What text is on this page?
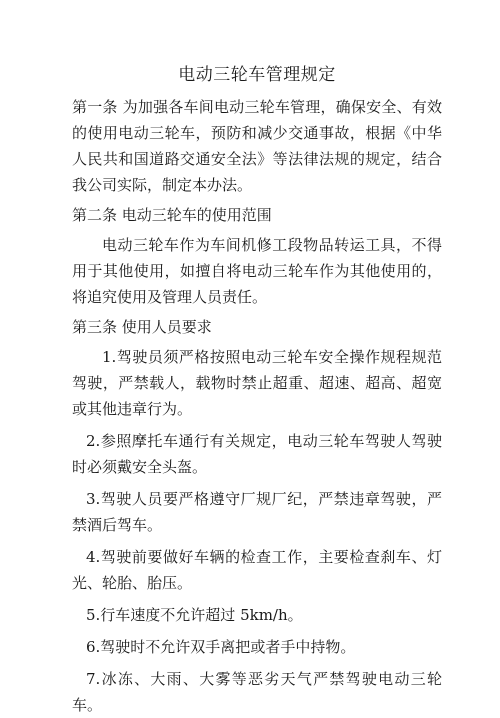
电动三轮车管理规定
第一条 为加强各车间电动三轮车管理，确保安全、有效的使用电动三轮车，预防和减少交通事故，根据《中华人民共和国道路交通安全法》等法律法规的规定，结合我公司实际，制定本办法。
第二条 电动三轮车的使用范围
电动三轮车作为车间机修工段物品转运工具，不得用于其他使用，如擅自将电动三轮车作为其他使用的，将追究使用及管理人员责任。
第三条 使用人员要求
1.驾驶员须严格按照电动三轮车安全操作规程规范驾驶，严禁载人，载物时禁止超重、超速、超高、超宽或其他违章行为。
2.参照摩托车通行有关规定，电动三轮车驾驶人驾驶时必须戴安全头盔。
3.驾驶人员要严格遵守厂规厂纪，严禁违章驾驶，严禁酒后驾车。
4.驾驶前要做好车辆的检查工作，主要检查刹车、灯光、轮胎、胎压。
5.行车速度不允许超过 5km/h。
6.驾驶时不允许双手离把或者手中持物。
7.冰冻、大雨、大雾等恶劣天气严禁驾驶电动三轮车。
